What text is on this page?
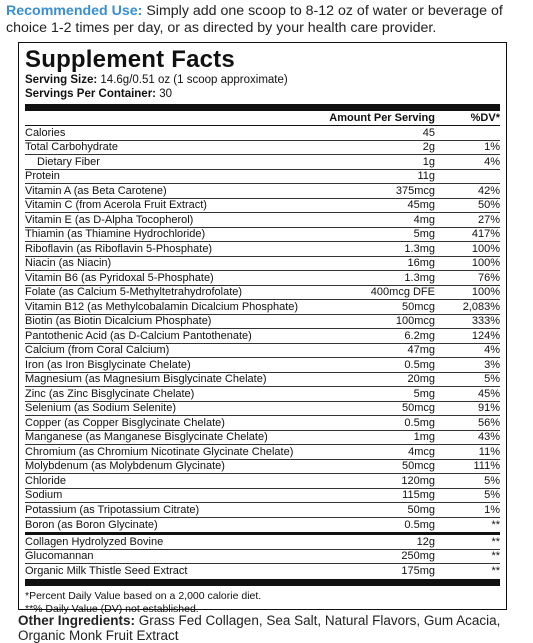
Recommended Use: Simply add one scoop to 8-12 oz of water or beverage of choice 1-2 times per day, or as directed by your health care provider.
Supplement Facts
Serving Size: 14.6g/0.51 oz (1 scoop approximate)
Servings Per Container: 30
Amount Per Serving	%DV*
Calories	45
Total Carbohydrate	2g	1%
Dietary Fiber	1g	4%
Protein	11g
Vitamin A (as Beta Carotene)	375mcg	42%
Vitamin C (from Acerola Fruit Extract)	45mg	50%
Vitamin E (as D-Alpha Tocopherol)	4mg	27%
Thiamin (as Thiamine Hydrochloride)	5mg	417%
Riboflavin (as Riboflavin 5-Phosphate)	1.3mg	100%
Niacin (as Niacin)	16mg	100%
Vitamin B6 (as Pyridoxal 5-Phosphate)	1.3mg	76%
Folate (as Calcium 5-Methyltetrahydrofolate)	400mcg DFE	100%
Vitamin B12 (as Methylcobalamin Dicalcium Phosphate)	50mcg	2,083%
Biotin (as Biotin Dicalcium Phosphate)	100mcg	333%
Pantothenic Acid (as D-Calcium Pantothenate)	6.2mg	124%
Calcium (from Coral Calcium)	47mg	4%
Iron (as Iron Bisglycinate Chelate)	0.5mg	3%
Magnesium (as Magnesium Bisglycinate Chelate)	20mg	5%
Zinc (as Zinc Bisglycinate Chelate)	5mg	45%
Selenium (as Sodium Selenite)	50mcg	91%
Copper (as Copper Bisglycinate Chelate)	0.5mg	56%
Manganese (as Manganese Bisglycinate Chelate)	1mg	43%
Chromium (as Chromium Nicotinate Glycinate Chelate)	4mcg	11%
Molybdenum (as Molybdenum Glycinate)	50mcg	111%
Chloride	120mg	5%
Sodium	115mg	5%
Potassium (as Tripotassium Citrate)	50mg	1%
Boron (as Boron Glycinate)	0.5mg	**
Collagen Hydrolyzed Bovine	12g	**
Glucomannan	250mg	**
Organic Milk Thistle Seed Extract	175mg	**
*Percent Daily Value based on a 2,000 calorie diet.
**% Daily Value (DV) not established.
Other Ingredients: Grass Fed Collagen, Sea Salt, Natural Flavors, Gum Acacia, Organic Monk Fruit Extract
